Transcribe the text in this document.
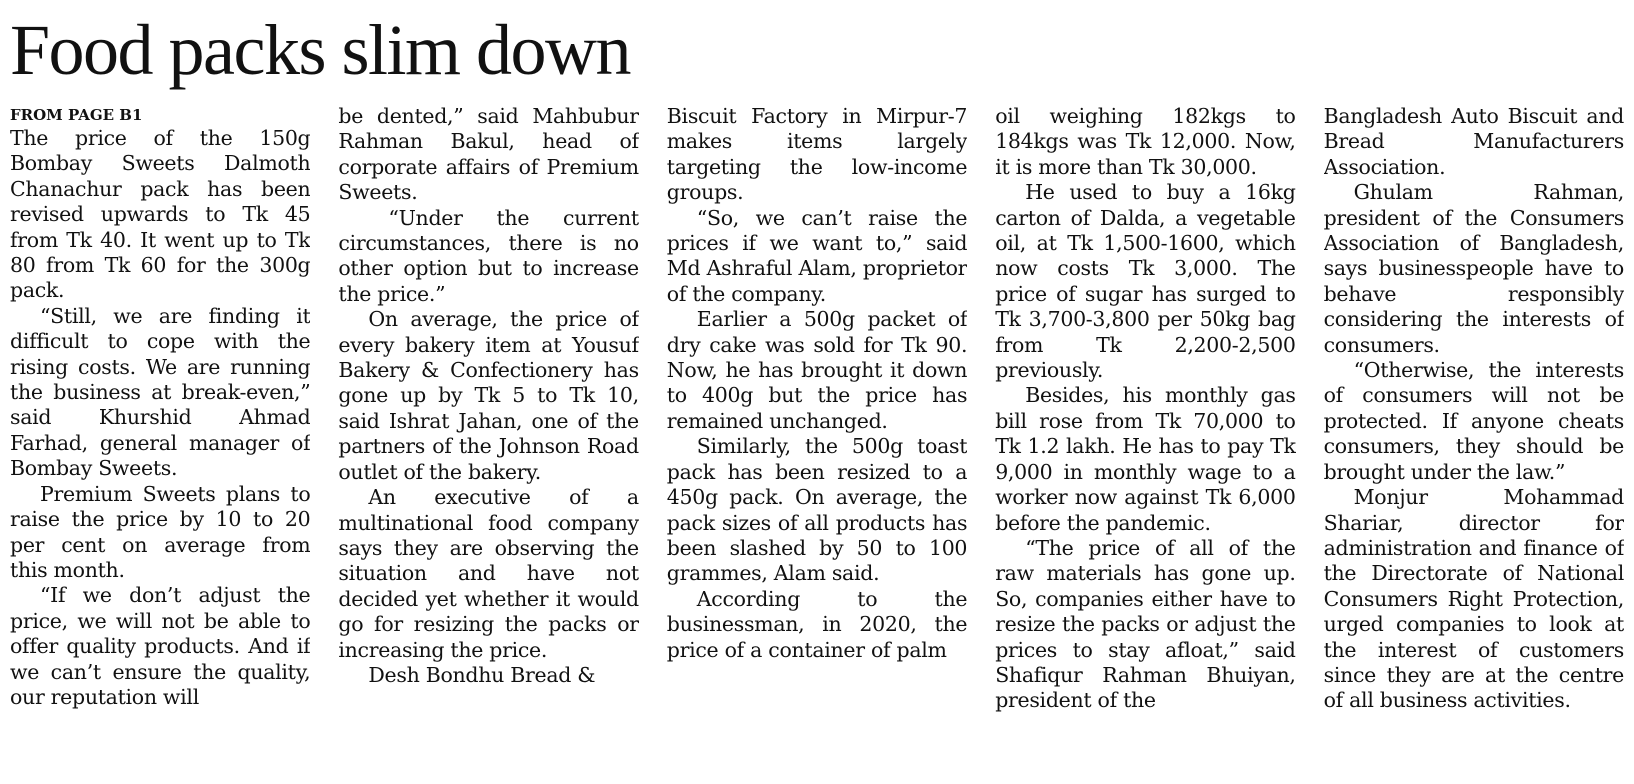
Food packs slim down
FROM PAGE B1

The price of the 150g Bombay Sweets Dalmoth Chanachur pack has been revised upwards to Tk 45 from Tk 40. It went up to Tk 80 from Tk 60 for the 300g pack.

“Still, we are finding it difficult to cope with the rising costs. We are running the business at break-even,” said Khurshid Ahmad Farhad, general manager of Bombay Sweets.

Premium Sweets plans to raise the price by 10 to 20 per cent on average from this month.

“If we don’t adjust the price, we will not be able to offer quality products. And if we can’t ensure the quality, our reputation will

be dented,” said Mahbubur Rahman Bakul, head of corporate affairs of Premium Sweets.

“Under the current circumstances, there is no other option but to increase the price.”

On average, the price of every bakery item at Yousuf Bakery & Confectionery has gone up by Tk 5 to Tk 10, said Ishrat Jahan, one of the partners of the Johnson Road outlet of the bakery.

An executive of a multinational food company says they are observing the situation and have not decided yet whether it would go for resizing the packs or increasing the price.

Desh Bondhu Bread &

Biscuit Factory in Mirpur-7 makes items largely targeting the low-income groups.

“So, we can’t raise the prices if we want to,” said Md Ashraful Alam, proprietor of the company.

Earlier a 500g packet of dry cake was sold for Tk 90. Now, he has brought it down to 400g but the price has remained unchanged.

Similarly, the 500g toast pack has been resized to a 450g pack. On average, the pack sizes of all products has been slashed by 50 to 100 grammes, Alam said.

According to the businessman, in 2020, the price of a container of palm

oil weighing 182kgs to 184kgs was Tk 12,000. Now, it is more than Tk 30,000.

He used to buy a 16kg carton of Dalda, a vegetable oil, at Tk 1,500-1600, which now costs Tk 3,000. The price of sugar has surged to Tk 3,700-3,800 per 50kg bag from Tk 2,200-2,500 previously.

Besides, his monthly gas bill rose from Tk 70,000 to Tk 1.2 lakh. He has to pay Tk 9,000 in monthly wage to a worker now against Tk 6,000 before the pandemic.

“The price of all of the raw materials has gone up. So, companies either have to resize the packs or adjust the prices to stay afloat,” said Shafiqur Rahman Bhuiyan, president of the

Bangladesh Auto Biscuit and Bread Manufacturers Association.

Ghulam Rahman, president of the Consumers Association of Bangladesh, says businesspeople have to behave responsibly considering the interests of consumers.

“Otherwise, the interests of consumers will not be protected. If anyone cheats consumers, they should be brought under the law.”

Monjur Mohammad Shariar, director for administration and finance of the Directorate of National Consumers Right Protection, urged companies to look at the interest of customers since they are at the centre of all business activities.
